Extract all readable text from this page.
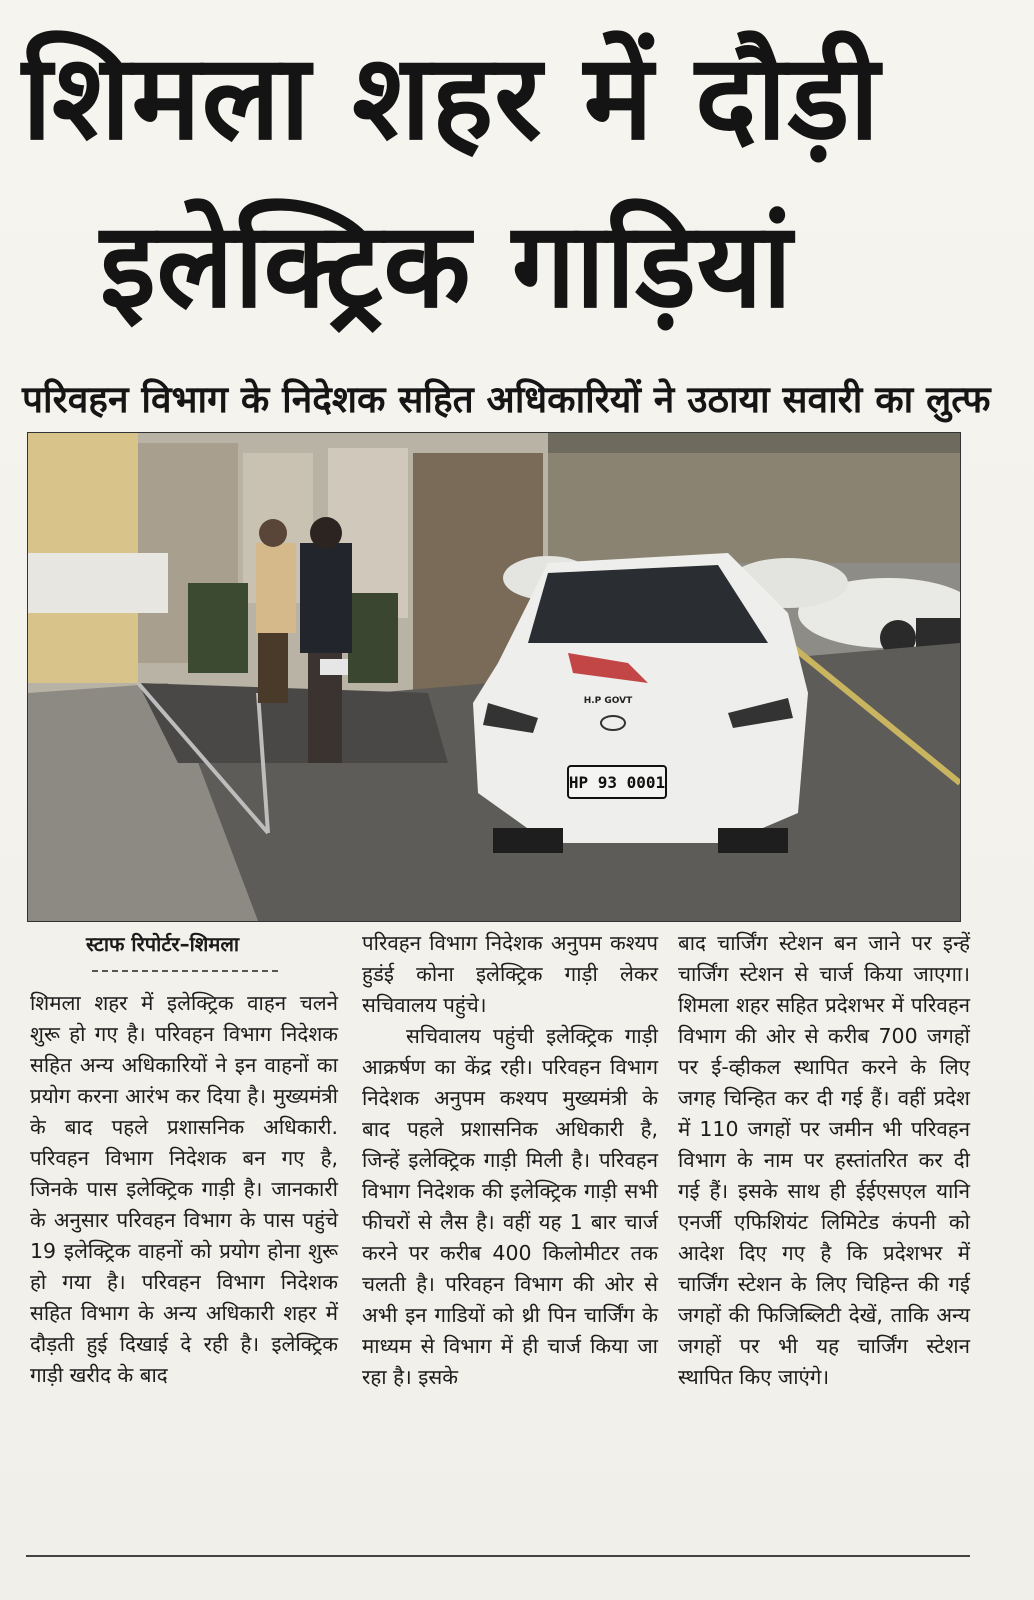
शिमला शहर में दौड़ी
इलेक्ट्रिक गाड़ियां
परिवहन विभाग के निदेशक सहित अधिकारियों ने उठाया सवारी का लुत्फ
HP 93 0001
H.P GOVT
स्टाफ रिपोर्टर–शिमला

शिमला शहर में इलेक्ट्रिक वाहन चलने शुरू हो गए है। परिवहन विभाग निदेशक सहित अन्य अधिकारियों ने इन वाहनों का प्रयोग करना आरंभ कर दिया है। मुख्यमंत्री के बाद पहले प्रशासनिक अधिकारी. परिवहन विभाग निदेशक बन गए है, जिनके पास इलेक्ट्रिक गाड़ी है। जानकारी के अनुसार परिवहन विभाग के पास पहुंचे 19 इलेक्ट्रिक वाहनों को प्रयोग होना शुरू हो गया है। परिवहन विभाग निदेशक सहित विभाग के अन्य अधिकारी शहर में दौड़ती हुई दिखाई दे रही है। इलेक्ट्रिक गाड़ी खरीद के बाद

परिवहन विभाग निदेशक अनुपम कश्यप हुडंई कोना इलेक्ट्रिक गाड़ी लेकर सचिवालय पहुंचे।

सचिवालय पहुंची इलेक्ट्रिक गाड़ी आक्रर्षण का केंद्र रही। परिवहन विभाग निदेशक अनुपम कश्यप मुख्यमंत्री के बाद पहले प्रशासनिक अधिकारी है, जिन्हें इलेक्ट्रिक गाड़ी मिली है। परिवहन विभाग निदेशक की इलेक्ट्रिक गाड़ी सभी फीचरों से लैस है। वहीं यह 1 बार चार्ज करने पर करीब 400 किलोमीटर तक चलती है। परिवहन विभाग की ओर से अभी इन गाडियों को थ्री पिन चार्जिंग के माध्यम से विभाग में ही चार्ज किया जा रहा है। इसके

बाद चार्जिंग स्टेशन बन जाने पर इन्हें चार्जिंग स्टेशन से चार्ज किया जाएगा। शिमला शहर सहित प्रदेशभर में परिवहन विभाग की ओर से करीब 700 जगहों पर ई-व्हीकल स्थापित करने के लिए जगह चिन्हित कर दी गई हैं। वहीं प्रदेश में 110 जगहों पर जमीन भी परिवहन विभाग के नाम पर हस्तांतरित कर दी गई हैं। इसके साथ ही ईईएसएल यानि एनर्जी एफिशियंट लिमिटेड कंपनी को आदेश दिए गए है कि प्रदेशभर में चार्जिंग स्टेशन के लिए चिहिन्त की गई जगहों की फिजिब्लिटी देखें, ताकि अन्य जगहों पर भी यह चार्जिंग स्टेशन स्थापित किए जाएंगे।
